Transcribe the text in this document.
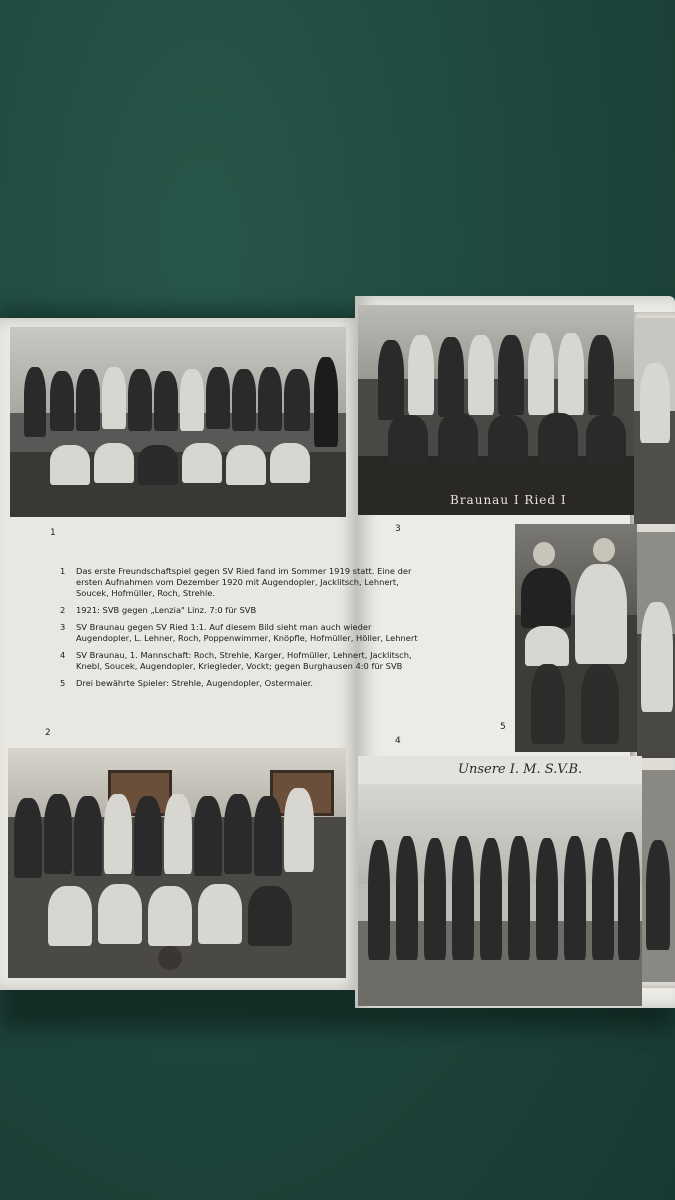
Braunau I Ried I
1	3
1	Das erste Freundschaftspiel gegen SV Ried fand im Sommer 1919 statt. Eine der ersten Aufnahmen vom Dezember 1920 mit Augendopler, Jacklitsch, Lehnert, Soucek, Hofmüller, Roch, Strehle.
2	1921: SVB gegen „Lenzia" Linz. 7:0 für SVB
3	SV Braunau gegen SV Ried 1:1. Auf diesem Bild sieht man auch wieder Augendopler, L. Lehner, Roch, Poppenwimmer, Knöpfle, Hofmüller, Höller, Lehnert
4	SV Braunau, 1. Mannschaft: Roch, Strehle, Karger, Hofmüller, Lehnert, Jacklitsch, Knebl, Soucek, Augendopler, Kriegleder, Vockt; gegen Burghausen 4:0 für SVB
5	Drei bewährte Spieler: Strehle, Augendopler, Ostermaier.
5
2
4
Unsere I. M. S.V.B.
